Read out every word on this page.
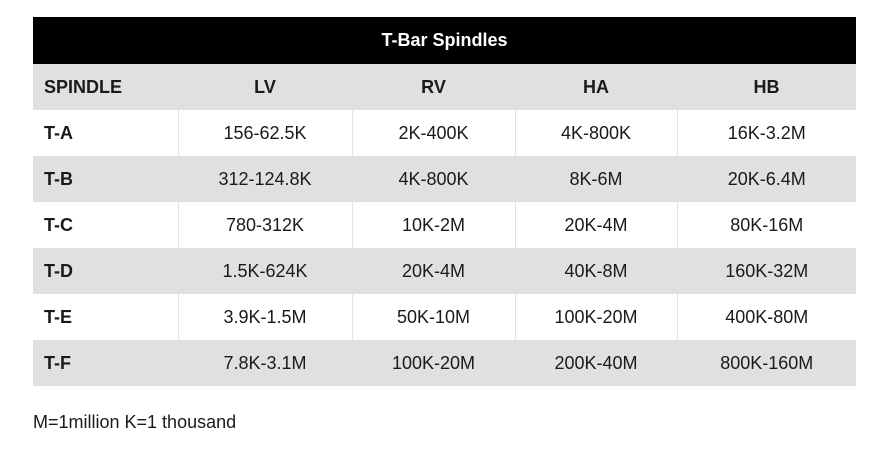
T-Bar Spindles
SPINDLE	LV	RV	HA	HB
T-A	156-62.5K	2K-400K	4K-800K	16K-3.2M
T-B	312-124.8K	4K-800K	8K-6M	20K-6.4M
T-C	780-312K	10K-2M	20K-4M	80K-16M
T-D	1.5K-624K	20K-4M	40K-8M	160K-32M
T-E	3.9K-1.5M	50K-10M	100K-20M	400K-80M
T-F	7.8K-3.1M	100K-20M	200K-40M	800K-160M

M=1million K=1 thousand
